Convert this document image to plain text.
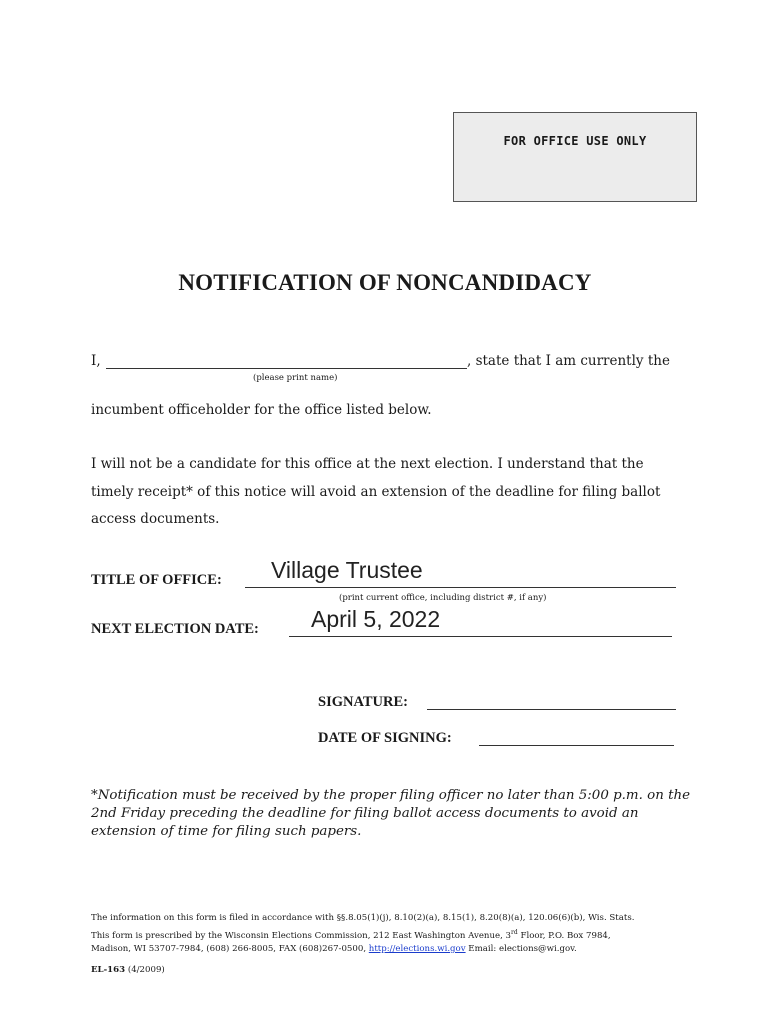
FOR OFFICE USE ONLY
NOTIFICATION OF NONCANDIDACY
I,	, state that I am currently the
(please print name)
incumbent officeholder for the office listed below.
I will not be a candidate for this office at the next election. I understand that the
timely receipt* of this notice will avoid an extension of the deadline for filing ballot
access documents.
TITLE OF OFFICE: Village Trustee
(print current office, including district #, if any)
NEXT ELECTION DATE: April 5, 2022
SIGNATURE:
DATE OF SIGNING:
*Notification must be received by the proper filing officer no later than 5:00 p.m. on the 2nd Friday preceding the deadline for filing ballot access documents to avoid an extension of time for filing such papers.
The information on this form is filed in accordance with §§.8.05(1)(j), 8.10(2)(a), 8.15(1), 8.20(8)(a), 120.06(6)(b), Wis. Stats.
This form is prescribed by the Wisconsin Elections Commission, 212 East Washington Avenue, 3rd Floor, P.O. Box 7984,
Madison, WI 53707-7984, (608) 266-8005, FAX (608)267-0500, http://elections.wi.gov Email: elections@wi.gov.
EL-163 (4/2009)
